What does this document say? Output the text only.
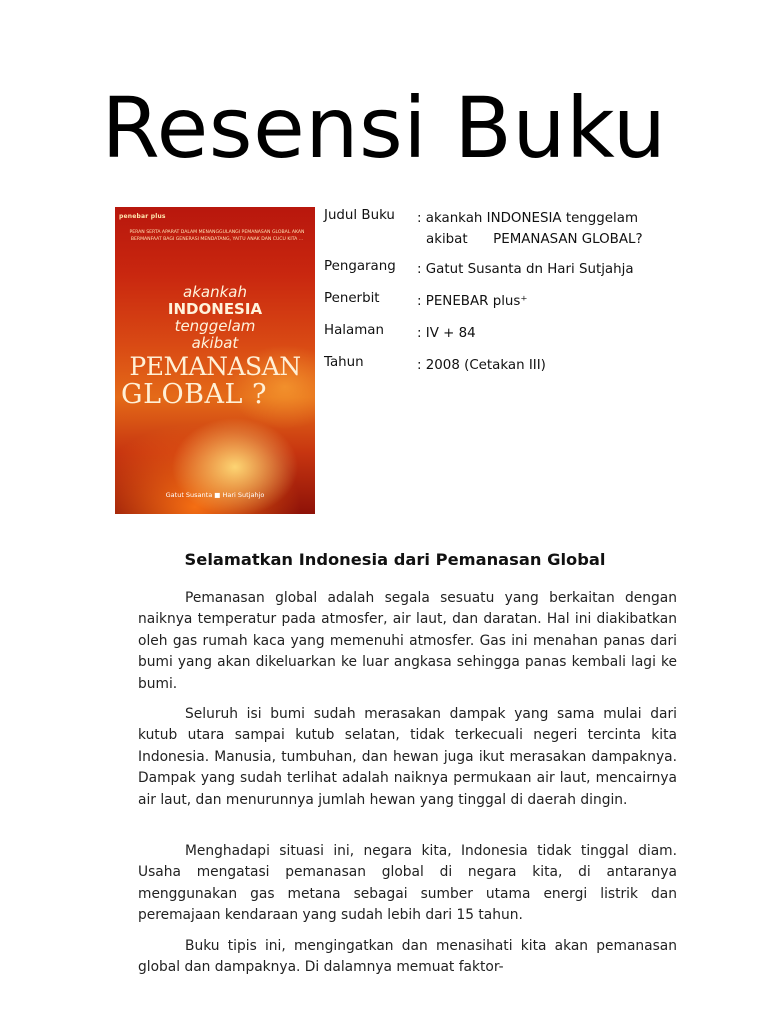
Resensi Buku
penebar plus
PERAN SERTA APARAT DALAM MENANGGULANGI PEMANASAN GLOBAL AKAN BERMANFAAT BAGI GENERASI MENDATANG, YAITU ANAK DAN CUCU KITA ...
akankah
INDONESIA
tenggelam
akibat
PEMANASAN
GLOBAL ?
Gatut Susanta ■ Hari Sutjahjo
Judul Buku	: akankah INDONESIA tenggelam
akibat      PEMANASAN GLOBAL?
Pengarang	: Gatut Susanta dn Hari Sutjahja
Penerbit	: PENEBAR plus⁺
Halaman	: IV + 84
Tahun	: 2008 (Cetakan III)
Selamatkan Indonesia dari Pemanasan Global

Pemanasan global adalah segala sesuatu yang berkaitan dengan naiknya temperatur pada atmosfer, air laut, dan daratan. Hal ini diakibatkan oleh gas rumah kaca yang memenuhi atmosfer. Gas ini menahan panas dari bumi yang akan dikeluarkan ke luar angkasa sehingga panas kembali lagi ke bumi.

Seluruh isi bumi sudah merasakan dampak yang sama mulai dari kutub utara sampai kutub selatan, tidak terkecuali negeri tercinta kita Indonesia. Manusia, tumbuhan, dan hewan juga ikut merasakan dampaknya. Dampak yang sudah terlihat adalah naiknya permukaan air laut, mencairnya air laut, dan menurunnya jumlah hewan yang tinggal di daerah dingin.

Menghadapi situasi ini, negara kita, Indonesia tidak tinggal diam. Usaha mengatasi pemanasan global di negara kita, di antaranya menggunakan gas metana sebagai sumber utama energi listrik dan peremajaan kendaraan yang sudah lebih dari 15 tahun.

Buku tipis ini, mengingatkan dan menasihati kita akan pemanasan global dan dampaknya. Di dalamnya memuat faktor-
